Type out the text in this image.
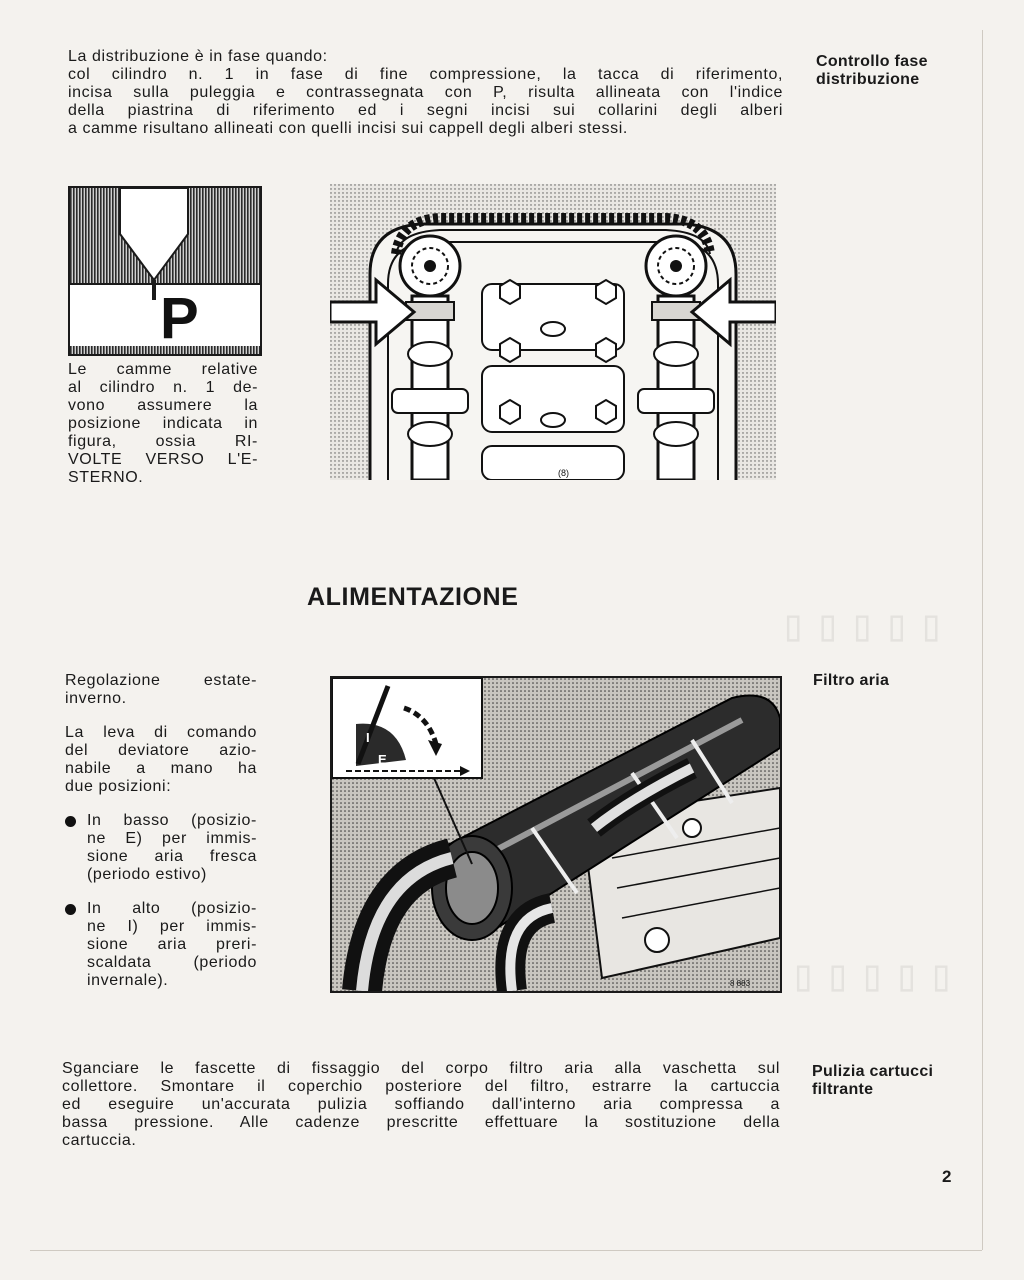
▯▯▯▯▯
▯▯▯▯▯

La distribuzione è in fase quando:
col cilindro n. 1 in fase di fine compressione, la tacca di riferimento,
incisa sulla puleggia e contrassegnata con P, risulta allineata con l'indice
della piastrina di riferimento ed i segni incisi sui collarini degli alberi
a camme risultano allineati con quelli incisi sui cappell degli alberi stessi.

Controllo fase
distribuzione

P

Le camme relative
al cilindro n. 1 de-
vono assumere la
posizione indicata in
figura, ossia RI-
VOLTE VERSO L'E-
STERNO.	(8)
ALIMENTAZIONE

Regolazione estate-
inverno.

La leva di comando
del deviatore azio-
nabile a mano ha
due posizioni:

In basso (posizio-
ne E) per immis-
sione aria fresca
(periodo estivo)
In alto (posizio-
ne I) per immis-
sione aria preri-
scaldata (periodo
invernale).

Filtro aria

I
E
8 883

Sganciare le fascette di fissaggio del corpo filtro aria alla vaschetta sul
collettore. Smontare il coperchio posteriore del filtro, estrarre la cartuccia
ed eseguire un'accurata pulizia soffiando dall'interno aria compressa a
bassa pressione. Alle cadenze prescritte effettuare la sostituzione della
cartuccia.

Pulizia cartucci
filtrante

2
